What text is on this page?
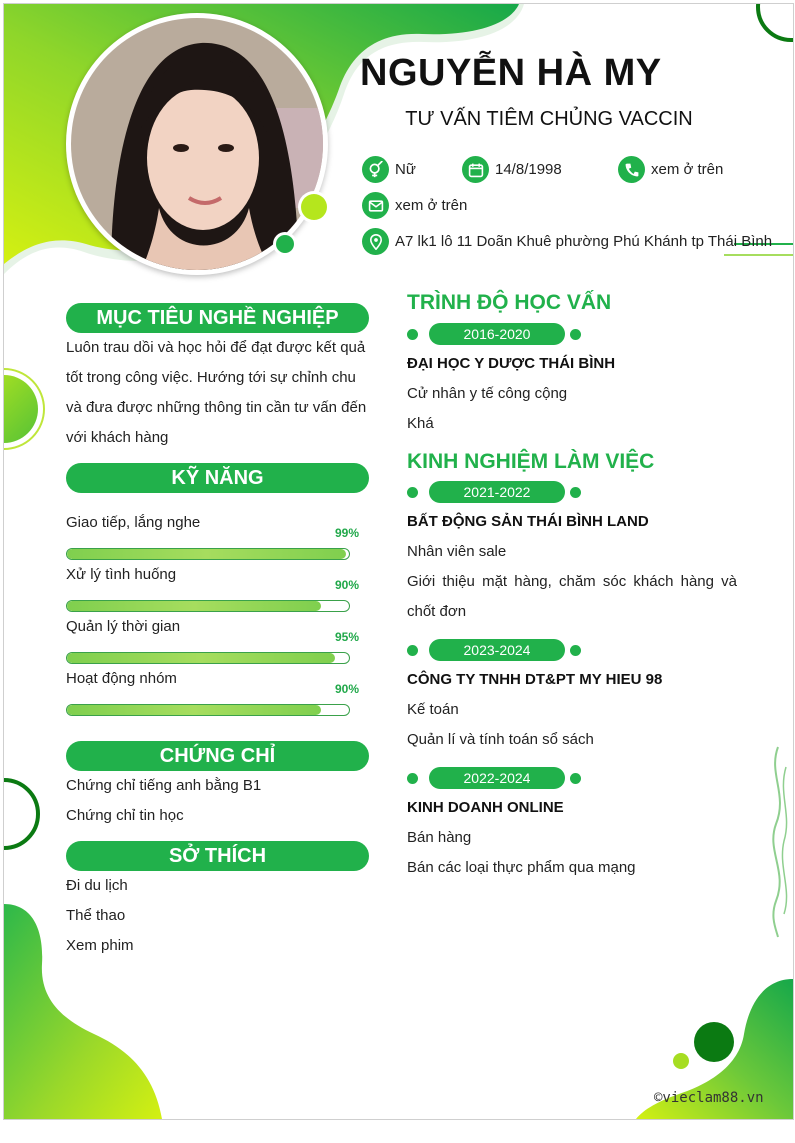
NGUYỄN HÀ MY

TƯ VẤN TIÊM CHỦNG VACCIN

Nữ	14/8/1998	xem ở trên
xem ở trên
A7 lk1 lô 11 Doãn Khuê phường Phú Khánh tp Thái Bình
MỤC TIÊU NGHỀ NGHIỆP
Luôn trau dồi và học hỏi để đạt được kết quả
tốt trong công việc. Hướng tới sự chỉnh chu
và đưa được những thông tin cần tư vấn đến
với khách hàng
KỸ NĂNG
Giao tiếp, lắng nghe
99%
Xử lý tình huống
90%
Quản lý thời gian
95%
Hoạt động nhóm
90%
CHỨNG CHỈ
Chứng chỉ tiếng anh bằng B1
Chứng chỉ tin học
SỞ THÍCH
Đi du lịch
Thể thao
Xem phim
TRÌNH ĐỘ HỌC VẤN
2016-2020
ĐẠI HỌC Y DƯỢC THÁI BÌNH
Cử nhân y tế công cộng
Khá
KINH NGHIỆM LÀM VIỆC
2021-2022
BẤT ĐỘNG SẢN THÁI BÌNH LAND
Nhân viên sale
Giới thiệu mặt hàng, chăm sóc khách hàng và
chốt đơn
2023-2024
CÔNG TY TNHH DT&PT MY HIEU 98
Kế toán
Quản lí và tính toán sổ sách
2022-2024
KINH DOANH ONLINE
Bán hàng
Bán các loại thực phẩm qua mạng
©vieclam88.vn
